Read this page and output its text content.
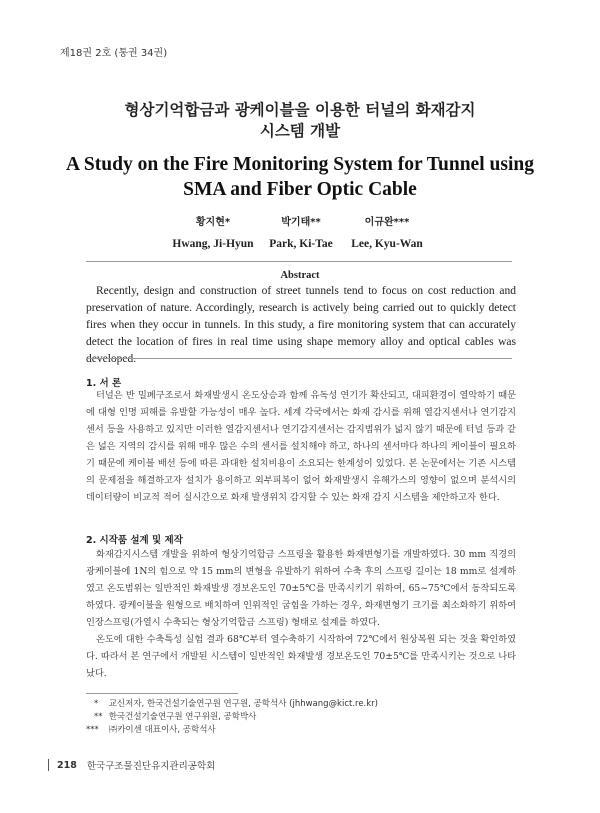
제18권 2호 (통권 34권)
형상기억합금과 광케이블을 이용한 터널의 화재감지
시스템 개발
A Study on the Fire Monitoring System for Tunnel using
SMA and Fiber Optic Cable
황지현*
Hwang, Ji-Hyun
박기태**
Park, Ki-Tae
이규완***
Lee, Kyu-Wan
Abstract

Recently, design and construction of street tunnels tend to focus on cost reduction and preservation of nature. Accordingly, research is actively being carried out to quickly detect fires when they occur in tunnels. In this study, a fire monitoring system that can accurately detect the location of fires in real time using shape memory alloy and optical cables was developed.

1. 서 론

터널은 반 밀폐구조로서 화재발생시 온도상승과 함께 유독성 연기가 확산되고, 대피환경이 열악하기 때문에 대형 인명 피해를 유발할 가능성이 매우 높다. 세계 각국에서는 화재 감시를 위해 열감지센서나 연기감지센서 등을 사용하고 있지만 이러한 열감지센서나 연기감지센서는 감지범위가 넓지 않기 때문에 터널 등과 같은 넓은 지역의 감시를 위해 매우 많은 수의 센서를 설치해야 하고, 하나의 센서마다 하나의 케이블이 필요하기 때문에 케이블 배선 등에 따른 과대한 설치비용이 소요되는 한계성이 있었다. 본 논문에서는 기존 시스템의 문제점을 해결하고자 설치가 용이하고 외부피복이 없어 화재발생시 유해가스의 영향이 없으며 분석시의 데이터량이 비교적 적어 실시간으로 화재 발생위치 감지할 수 있는 화재 감지 시스템을 제안하고자 한다.

2. 시작품 설계 및 제작

화재감지시스템 개발을 위하여 형상기억합금 스프링을 활용한 화재변형기를 개발하였다. 30 mm 직경의 광케이블에 1N의 힘으로 약 15 mm의 변형을 유발하기 위하여 수축 후의 스프링 길이는 18 mm로 설계하였고 온도범위는 일반적인 화재발생 경보온도인 70±5℃를 만족시키기 위하여, 65~75℃에서 동작되도록 하였다. 광케이블을 원형으로 배치하여 인위적인 굽힘을 가하는 경우, 화재변형기 크기를 최소화하기 위하여 인장스프링(가열시 수축되는 형상기억합금 스프링) 형태로 설계를 하였다.

온도에 대한 수축특성 실험 결과 68℃부터 열수축하기 시작하여 72℃에서 원상복원 되는 것을 확인하였다. 따라서 본 연구에서 개발된 시스템이 일반적인 화재발생 경보온도인 70±5℃를 만족시키는 것으로 나타났다.

* 교신저자, 한국건설기술연구원 연구원, 공학석사 (jhhwang@kict.re.kr)
** 한국건설기술연구원 연구위원, 공학박사
*** ㈜카이센 대표이사, 공학석사
218 한국구조물진단유지관리공학회
